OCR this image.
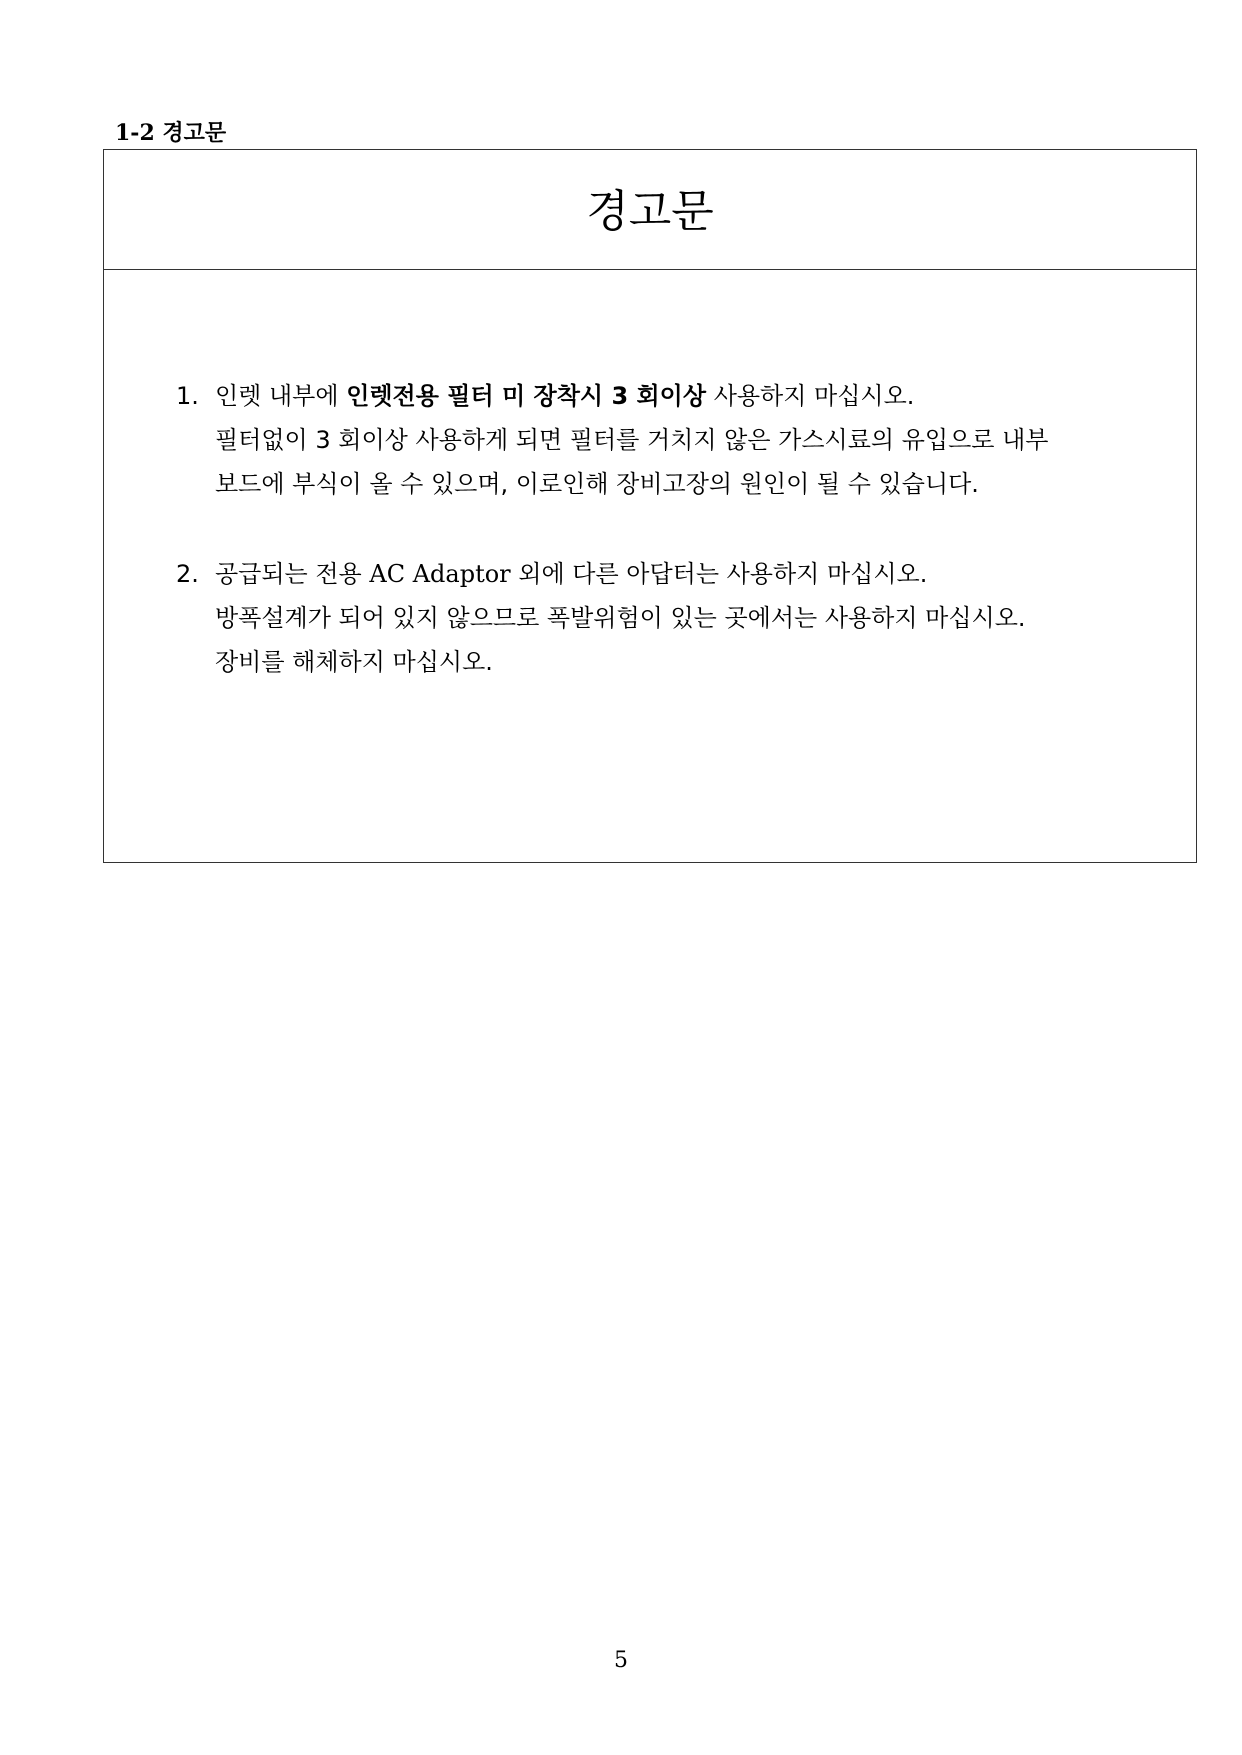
1-2 경고문
경고문
1. 인렛 내부에 인렛전용 필터 미 장착시 3 회이상 사용하지 마십시오.
필터없이 3 회이상 사용하게 되면 필터를 거치지 않은 가스시료의 유입으로 내부
보드에 부식이 올 수 있으며, 이로인해 장비고장의 원인이 될 수 있습니다.
2. 공급되는 전용 AC Adaptor 외에 다른 아답터는 사용하지 마십시오.
방폭설계가 되어 있지 않으므로 폭발위험이 있는 곳에서는 사용하지 마십시오.
장비를 해체하지 마십시오.
5
